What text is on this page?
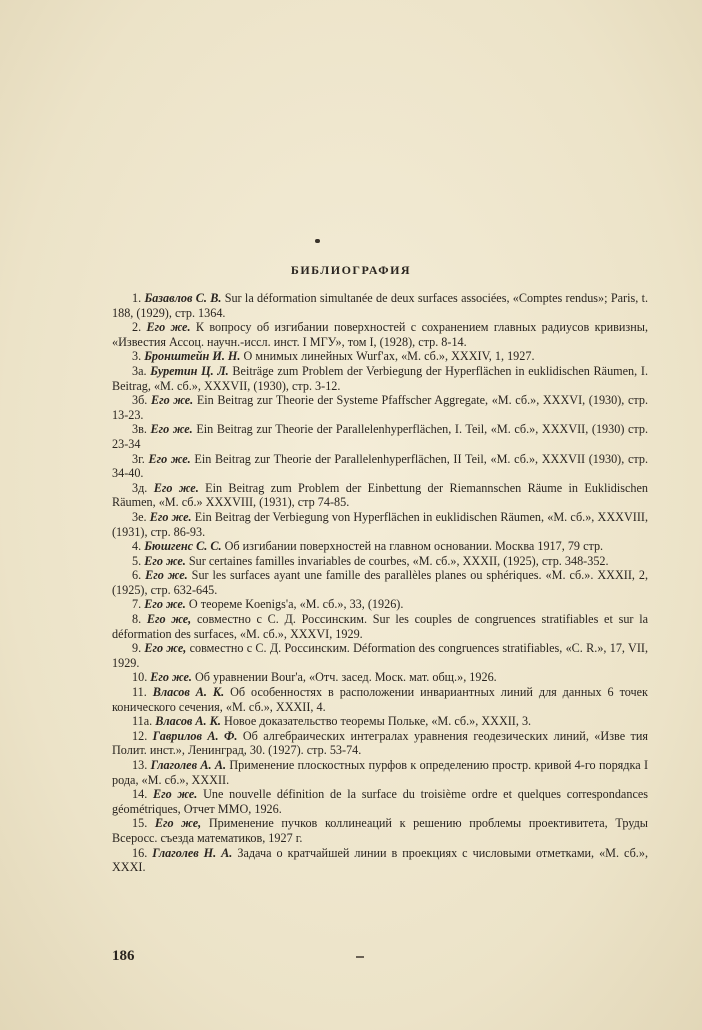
БИБЛИОГРАФИЯ

1. Базавлов С. В. Sur la déformation simultanée de deux surfaces associées, «Comptes rendus»; Paris, t. 188, (1929), стр. 1364.

2. Его же. К вопросу об изгибании поверхностей с сохранением главных радиусов кривизны, «Известия Ассоц. научн.-иссл. инст. I МГУ», том I, (1928), стр. 8-14.

3. Бронштейн И. Н. О мнимых линейных Wurf'ах, «М. сб.», XXXIV, 1, 1927.

3а. Буретин Ц. Л. Beiträge zum Problem der Verbiegung der Hyperflächen in euklidischen Räumen, I. Beitrag, «М. сб.», XXXVII, (1930), стр. 3-12.

3б. Его же. Ein Beitrag zur Theorie der Systeme Pfaffscher Aggregate, «М. сб.», XXXVI, (1930), стр. 13-23.

3в. Его же. Ein Beitrag zur Theorie der Parallelenhyperflächen, I. Teil, «М. сб.», XXXVII, (1930) стр. 23-34

3г. Его же. Ein Beitrag zur Theorie der Parallelenhyperflächen, II Teil, «М. сб.», XXXVII (1930), стр. 34-40.

3д. Его же. Ein Beitrag zum Problem der Einbettung der Riemannschen Räume in Euklidischen Räumen, «М. сб.» XXXVIII, (1931), стр 74-85.

3е. Его же. Ein Beitrag der Verbiegung von Hyperflächen in euklidischen Räumen, «М. сб.», XXXVIII, (1931), стр. 86-93.

4. Бюшгенс С. С. Об изгибании поверхностей на главном основании. Москва 1917, 79 стр.

5. Его же. Sur certaines familles invariables de courbes, «М. сб.», XXXII, (1925), стр. 348-352.

6. Его же. Sur les surfaces ayant une famille des parallèles planes ou sphériques. «М. сб.». XXXII, 2, (1925), стр. 632-645.

7. Его же. О теореме Koenigs'а, «М. сб.», 33, (1926).

8. Его же, совместно с С. Д. Россинским. Sur les couples de congruences stratifiables et sur la déformation des surfaces, «М. сб.», XXXVI, 1929.

9. Его же, совместно с С. Д. Россинским. Déformation des congruences stratifiables, «С. R.», 17, VII, 1929.

10. Его же. Об уравнении Bour'а, «Отч. засед. Моск. мат. общ.», 1926.

11. Власов А. К. Об особенностях в расположении инвариантных линий для данных 6 точек конического сечения, «М. сб.», XXXII, 4.

11а. Власов А. К. Новое доказательство теоремы Польке, «М. сб.», XXXII, 3.

12. Гаврилов А. Ф. Об алгебраических интегралах уравнения геодезических линий, «Изве тия Полит. инст.», Ленинград, 30. (1927). стр. 53-74.

13. Глаголев А. А. Применение плоскостных пурфов к определению простр. кривой 4-го порядка I рода, «М. сб.», XXXII.

14. Его же. Une nouvelle définition de la surface du troisième ordre et quelques correspondances géométriques, Отчет ММО, 1926.

15. Его же, Применение пучков коллинеаций к решению проблемы проективитета, Труды Всеросс. съезда математиков, 1927 г.

16. Глаголев Н. А. Задача о кратчайшей линии в проекциях с числовыми отметками, «М. сб.», XXXI.

186
